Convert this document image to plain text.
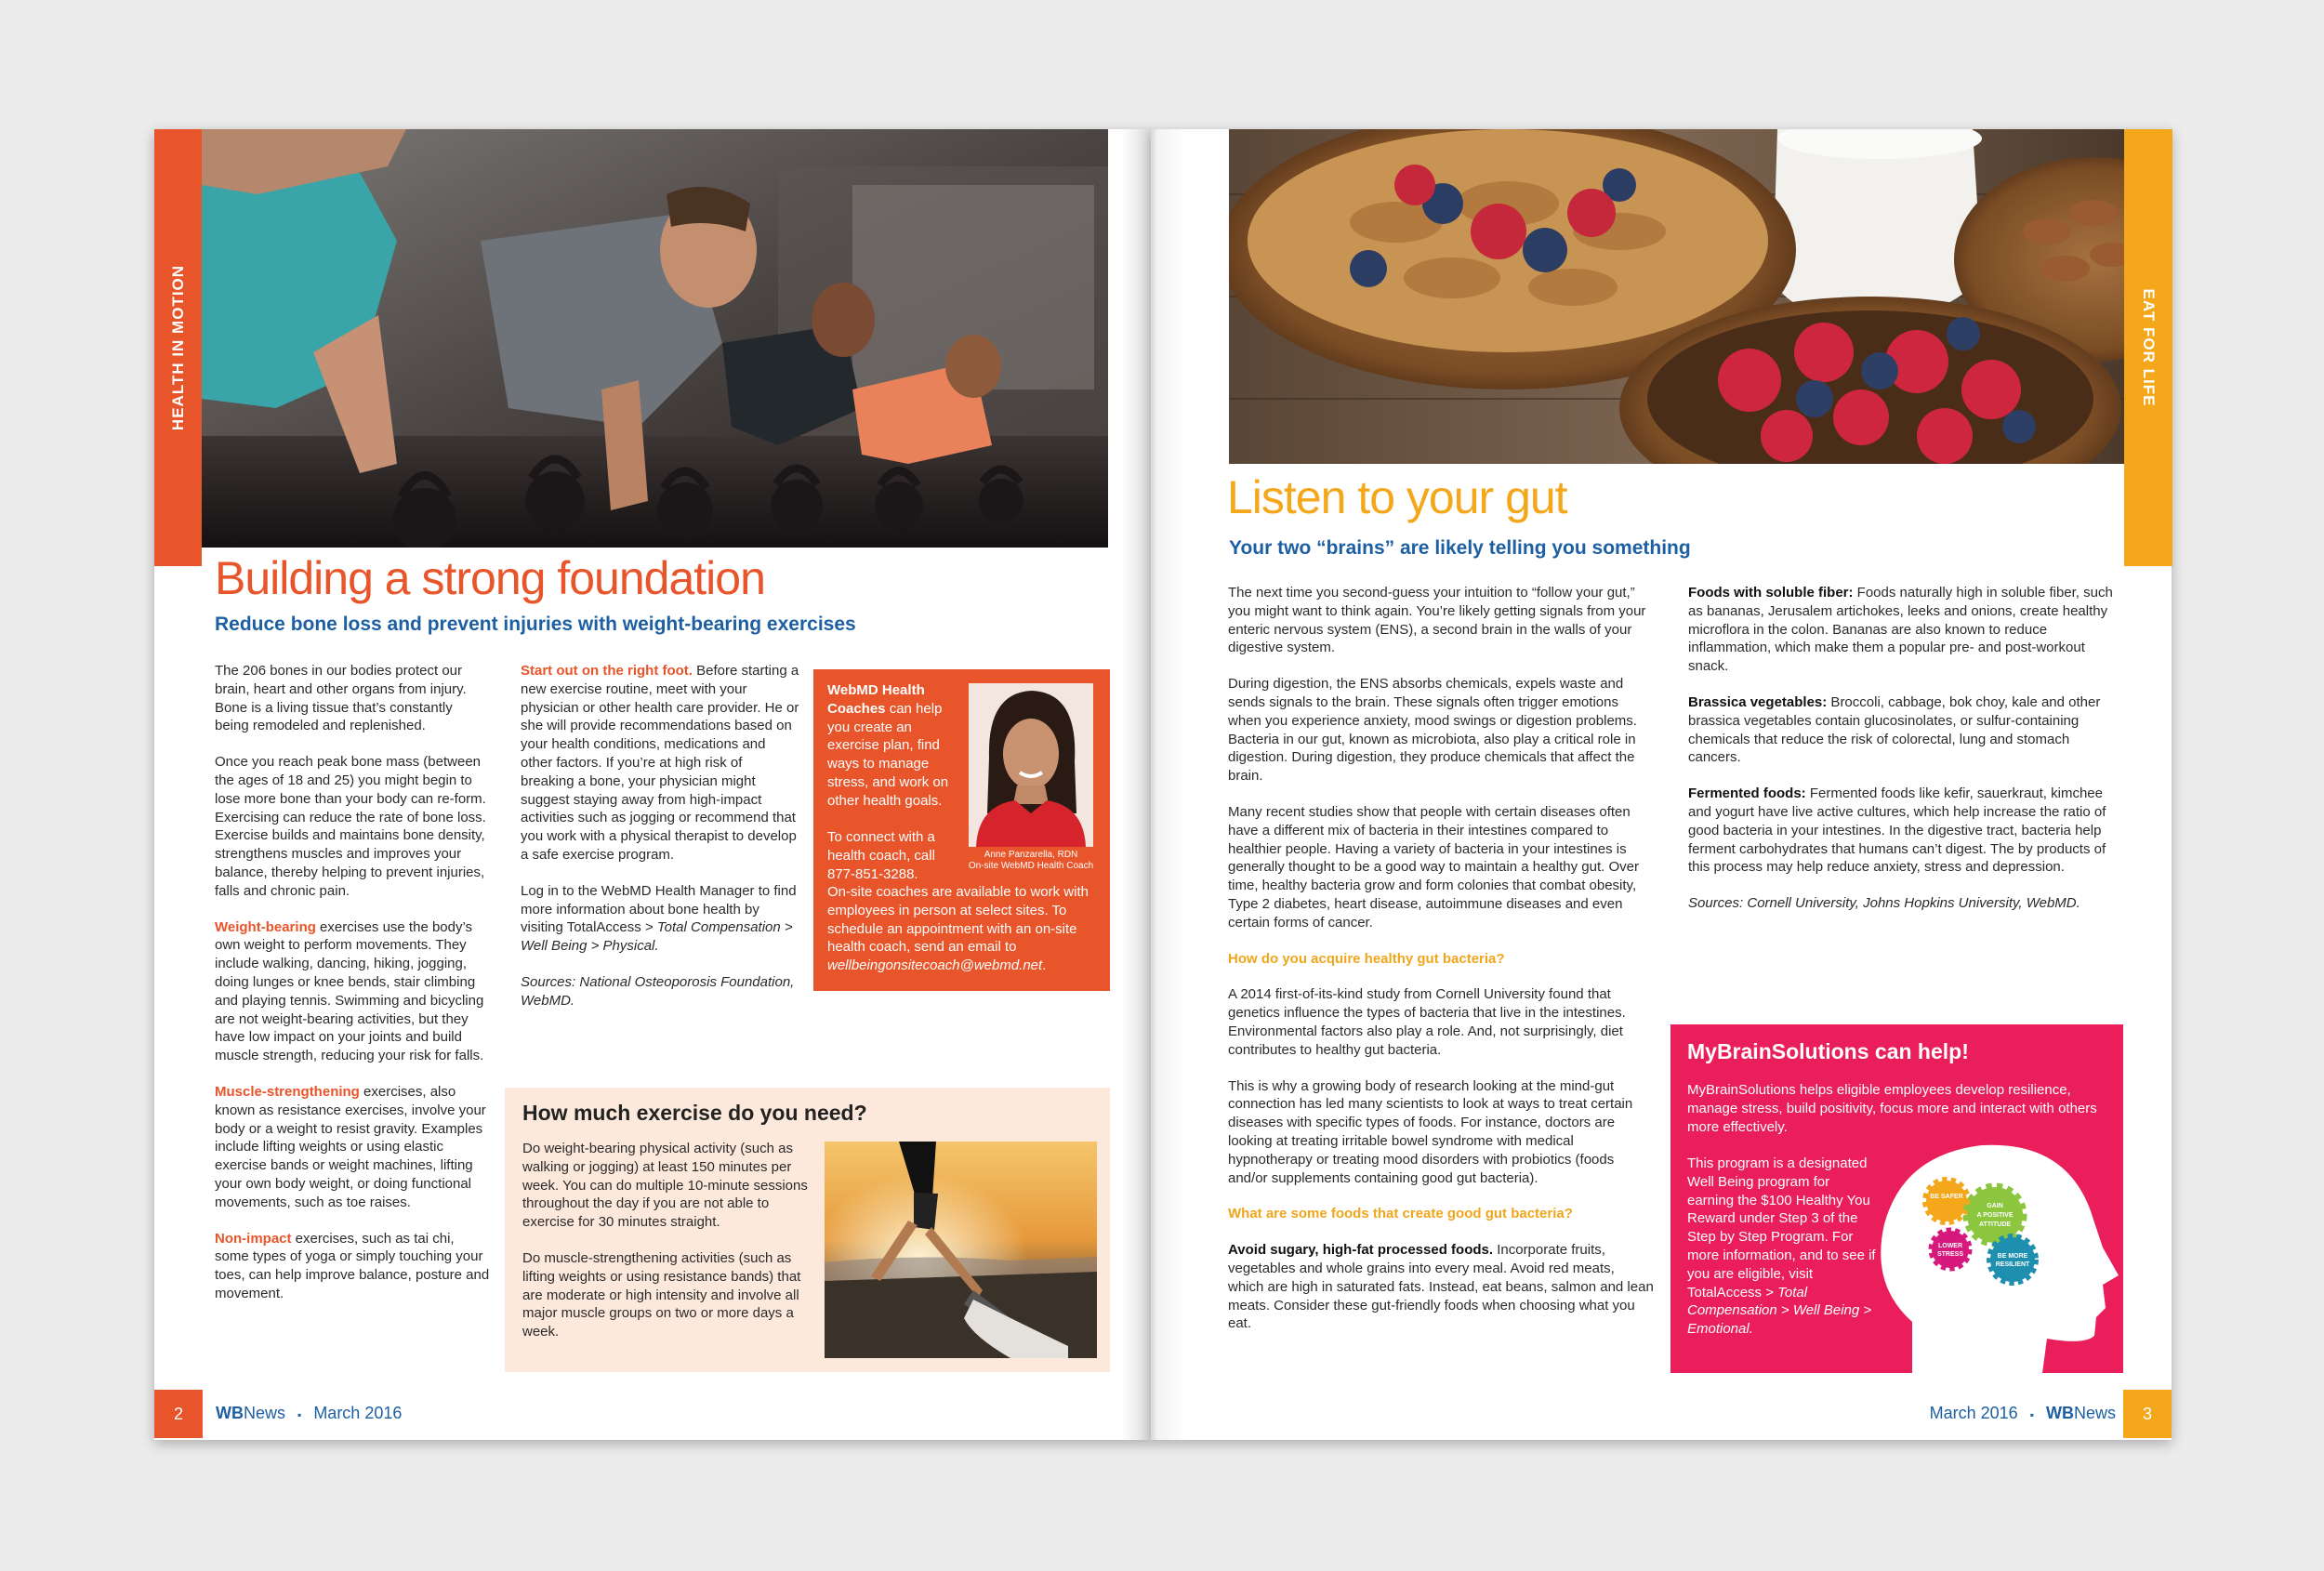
HEALTH IN MOTION
Building a strong foundation
Reduce bone loss and prevent injuries with weight-bearing exercises

The 206 bones in our bodies protect our brain, heart and other organs from injury. Bone is a living tissue that’s constantly being remodeled and replenished.

Once you reach peak bone mass (between the ages of 18 and 25) you might begin to lose more bone than your body can re-form. Exercising can reduce the rate of bone loss. Exercise builds and maintains bone density, strengthens muscles and improves your balance, thereby helping to prevent injuries, falls and chronic pain.

Weight-bearing exercises use the body’s own weight to perform movements. They include walking, dancing, hiking, jogging, doing lunges or knee bends, stair climbing and playing tennis. Swimming and bicycling are not weight-bearing activities, but they have low impact on your joints and build muscle strength, reducing your risk for falls.

Muscle-strengthening exercises, also known as resistance exercises, involve your body or a weight to resist gravity. Examples include lifting weights or using elastic exercise bands or weight machines, lifting your own body weight, or doing functional movements, such as toe raises.

Non-impact exercises, such as tai chi, some types of yoga or simply touching your toes, can help improve balance, posture and movement.

Start out on the right foot. Before starting a new exercise routine, meet with your physician or other health care provider. He or she will provide recommendations based on your health conditions, medications and other factors. If you’re at high risk of breaking a bone, your physician might suggest staying away from high-impact activities such as jogging or recommend that you work with a physical therapist to develop a safe exercise program.

Log in to the WebMD Health Manager to find more information about bone health by visiting TotalAccess > Total Compensation > Well Being > Physical.

Sources: National Osteoporosis Foundation, WebMD.

Anne Panzarella, RDN
On-site WebMD Health Coach
WebMD Health Coaches can help you create an exercise plan, find ways to manage stress, and work on other health goals.
To connect with a health coach, call 877-851-3288.
On-site coaches are available to work with employees in person at select sites. To schedule an appointment with an on-site health coach, send an email to wellbeingonsitecoach@webmd.net.
How much exercise do you need?

Do weight-bearing physical activity (such as walking or jogging) at least 150 minutes per week. You can do multiple 10-minute sessions throughout the day if you are not able to exercise for 30 minutes straight.

Do muscle-strengthening activities (such as lifting weights or using resistance bands) that are moderate or high intensity and involve all major muscle groups on two or more days a week.

2	WBNews ▪ March 2016
EAT FOR LIFE
Listen to your gut
Your two “brains” are likely telling you something

The next time you second-guess your intuition to “follow your gut,” you might want to think again. You’re likely getting signals from your enteric nervous system (ENS), a second brain in the walls of your digestive system.

During digestion, the ENS absorbs chemicals, expels waste and sends signals to the brain. These signals often trigger emotions when you experience anxiety, mood swings or digestion problems. Bacteria in our gut, known as microbiota, also play a critical role in digestion. During digestion, they produce chemicals that affect the brain.

Many recent studies show that people with certain diseases often have a different mix of bacteria in their intestines compared to healthier people. Having a variety of bacteria in your intestines is generally thought to be a good way to maintain a healthy gut. Over time, healthy bacteria grow and form colonies that combat obesity, Type 2 diabetes, heart disease, autoimmune diseases and even certain forms of cancer.

How do you acquire healthy gut bacteria?

A 2014 first-of-its-kind study from Cornell University found that genetics influence the types of bacteria that live in the intestines. Environmental factors also play a role. And, not surprisingly, diet contributes to healthy gut bacteria.

This is why a growing body of research looking at the mind-gut connection has led many scientists to look at ways to treat certain diseases with specific types of foods. For instance, doctors are looking at treating irritable bowel syndrome with medical hypnotherapy or treating mood disorders with probiotics (foods and/or supplements containing good gut bacteria).

What are some foods that create good gut bacteria?

Avoid sugary, high-fat processed foods. Incorporate fruits, vegetables and whole grains into every meal. Avoid red meats, which are high in saturated fats. Instead, eat beans, salmon and lean meats. Consider these gut-friendly foods when choosing what you eat.

Foods with soluble fiber: Foods naturally high in soluble fiber, such as bananas, Jerusalem artichokes, leeks and onions, create healthy microflora in the colon. Bananas are also known to reduce inflammation, which make them a popular pre- and post-workout snack.

Brassica vegetables: Broccoli, cabbage, bok choy, kale and other brassica vegetables contain glucosinolates, or sulfur-containing chemicals that reduce the risk of colorectal, lung and stomach cancers.

Fermented foods: Fermented foods like kefir, sauerkraut, kimchee and yogurt have live active cultures, which help increase the ratio of good bacteria in your intestines. In the digestive tract, bacteria help ferment carbohydrates that humans can’t digest. The by products of this process may help reduce anxiety, stress and depression.

Sources: Cornell University, Johns Hopkins University, WebMD.

MyBrainSolutions can help!
MyBrainSolutions helps eligible employees develop resilience, manage stress, build positivity, focus more and interact with others more effectively.
This program is a designated Well Being program for earning the $100 Healthy You Reward under Step 3 of the Step by Step Program. For more information, and to see if you are eligible, visit TotalAccess > Total Compensation > Well Being > Emotional.
BE SAFER
GAIN
A POSITIVE
ATTITUDE
LOWER
STRESS	BE MORE
RESILIENT
March 2016 ▪ WBNews	3
